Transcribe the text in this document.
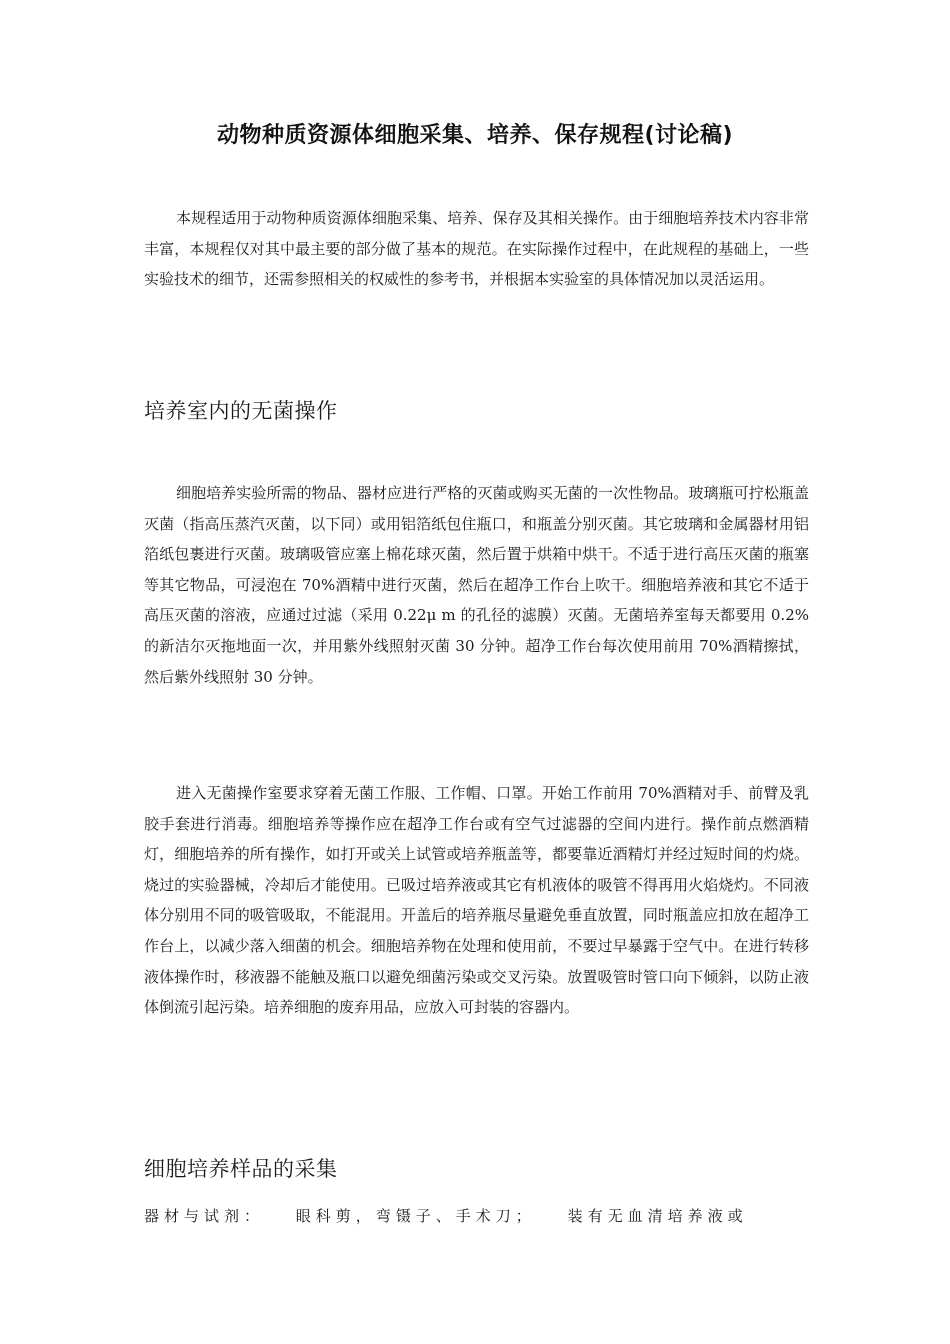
动物种质资源体细胞采集、培养、保存规程(讨论稿)

本规程适用于动物种质资源体细胞采集、培养、保存及其相关操作。由于细胞培养技术内容非常丰富，本规程仅对其中最主要的部分做了基本的规范。在实际操作过程中，在此规程的基础上，一些实验技术的细节，还需参照相关的权威性的参考书，并根据本实验室的具体情况加以灵活运用。

培养室内的无菌操作

细胞培养实验所需的物品、器材应进行严格的灭菌或购买无菌的一次性物品。玻璃瓶可拧松瓶盖灭菌（指高压蒸汽灭菌，以下同）或用铝箔纸包住瓶口，和瓶盖分别灭菌。其它玻璃和金属器材用铝箔纸包裹进行灭菌。玻璃吸管应塞上棉花球灭菌，然后置于烘箱中烘干。不适于进行高压灭菌的瓶塞等其它物品，可浸泡在 70%酒精中进行灭菌，然后在超净工作台上吹干。细胞培养液和其它不适于高压灭菌的溶液，应通过过滤（采用 0.22μ m 的孔径的滤膜）灭菌。无菌培养室每天都要用 0.2%的新洁尔灭拖地面一次，并用紫外线照射灭菌 30 分钟。超净工作台每次使用前用 70%酒精擦拭，然后紫外线照射 30 分钟。

进入无菌操作室要求穿着无菌工作服、工作帽、口罩。开始工作前用 70%酒精对手、前臂及乳胶手套进行消毒。细胞培养等操作应在超净工作台或有空气过滤器的空间内进行。操作前点燃酒精灯，细胞培养的所有操作，如打开或关上试管或培养瓶盖等，都要靠近酒精灯并经过短时间的灼烧。烧过的实验器械，冷却后才能使用。已吸过培养液或其它有机液体的吸管不得再用火焰烧灼。不同液体分别用不同的吸管吸取，不能混用。开盖后的培养瓶尽量避免垂直放置，同时瓶盖应扣放在超净工作台上，以减少落入细菌的机会。细胞培养物在处理和使用前，不要过早暴露于空气中。在进行转移液体操作时，移液器不能触及瓶口以避免细菌污染或交叉污染。放置吸管时管口向下倾斜，以防止液体倒流引起污染。培养细胞的废弃用品，应放入可封装的容器内。

细胞培养样品的采集
器材与试剂： 眼科剪，弯镊子、手术刀； 装有无血清培养液或
